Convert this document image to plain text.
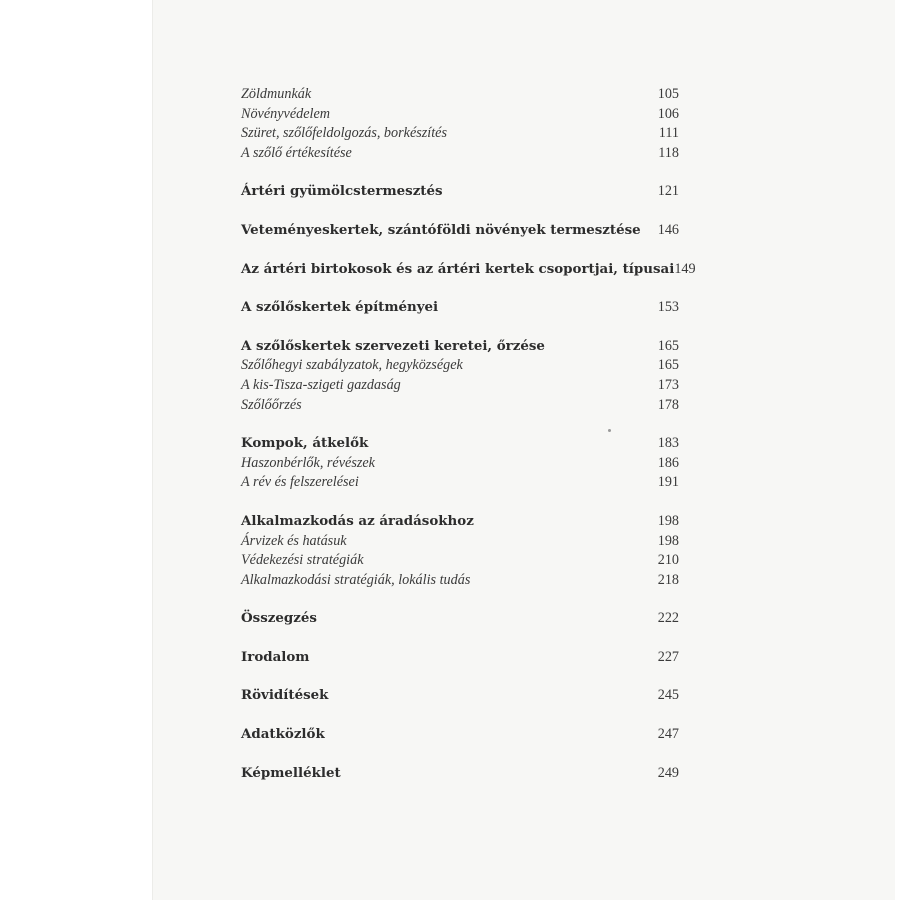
Zöldmunkák	105
Növényvédelem	106
Szüret, szőlőfeldolgozás, borkészítés	111
A szőlő értékesítése	118
Ártéri gyümölcstermesztés	121
Veteményeskertek, szántóföldi növények termesztése 146
Az ártéri birtokosok és az ártéri kertek csoportjai, típusai 149
A szőlőskertek építményei	153
A szőlőskertek szervezeti keretei, őrzése	165
Szőlőhegyi szabályzatok, hegyközségek	165
A kis-Tisza-szigeti gazdaság	173
Szőlőőrzés	178
Kompok, átkelők	183
Haszonbérlők, révészek	186
A rév és felszerelései	191
Alkalmazkodás az áradásokhoz	198
Árvizek és hatásuk	198
Védekezési stratégiák	210
Alkalmazkodási stratégiák, lokális tudás	218
Összegzés	222
Irodalom	227
Rövidítések	245
Adatközlők	247
Képmelléklet	249
